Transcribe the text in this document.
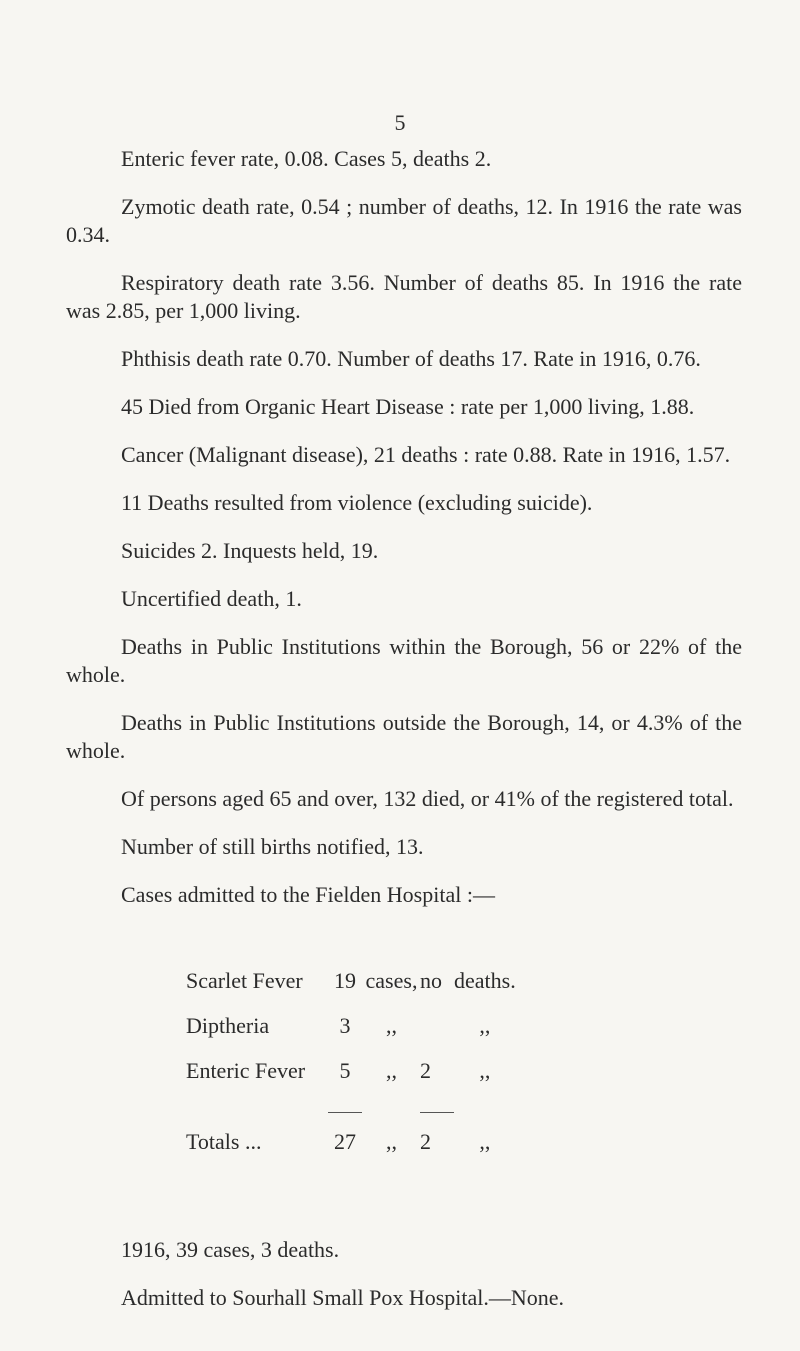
5

Enteric fever rate, 0.08. Cases 5, deaths 2.

Zymotic death rate, 0.54 ; number of deaths, 12. In 1916 the rate was 0.34.

Respiratory death rate 3.56. Number of deaths 85. In 1916 the rate was 2.85, per 1,000 living.

Phthisis death rate 0.70. Number of deaths 17. Rate in 1916, 0.76.

45 Died from Organic Heart Disease : rate per 1,000 living, 1.88.

Cancer (Malignant disease), 21 deaths : rate 0.88. Rate in 1916, 1.57.

11 Deaths resulted from violence (excluding suicide).

Suicides 2. Inquests held, 19.

Uncertified death, 1.

Deaths in Public Institutions within the Borough, 56 or 22% of the whole.

Deaths in Public Institutions outside the Borough, 14, or 4.3% of the whole.

Of persons aged 65 and over, 132 died, or 41% of the registered total.

Number of still births notified, 13.

Cases admitted to the Fielden Hospital :—

Scarlet Fever	19	cases,	no	deaths.
Diptheria	3	,,		,,
Enteric Fever	5	,,	2	,,

Totals ...	27	,,	2	,,

1916, 39 cases, 3 deaths.

Admitted to Sourhall Small Pox Hospital.—None.
